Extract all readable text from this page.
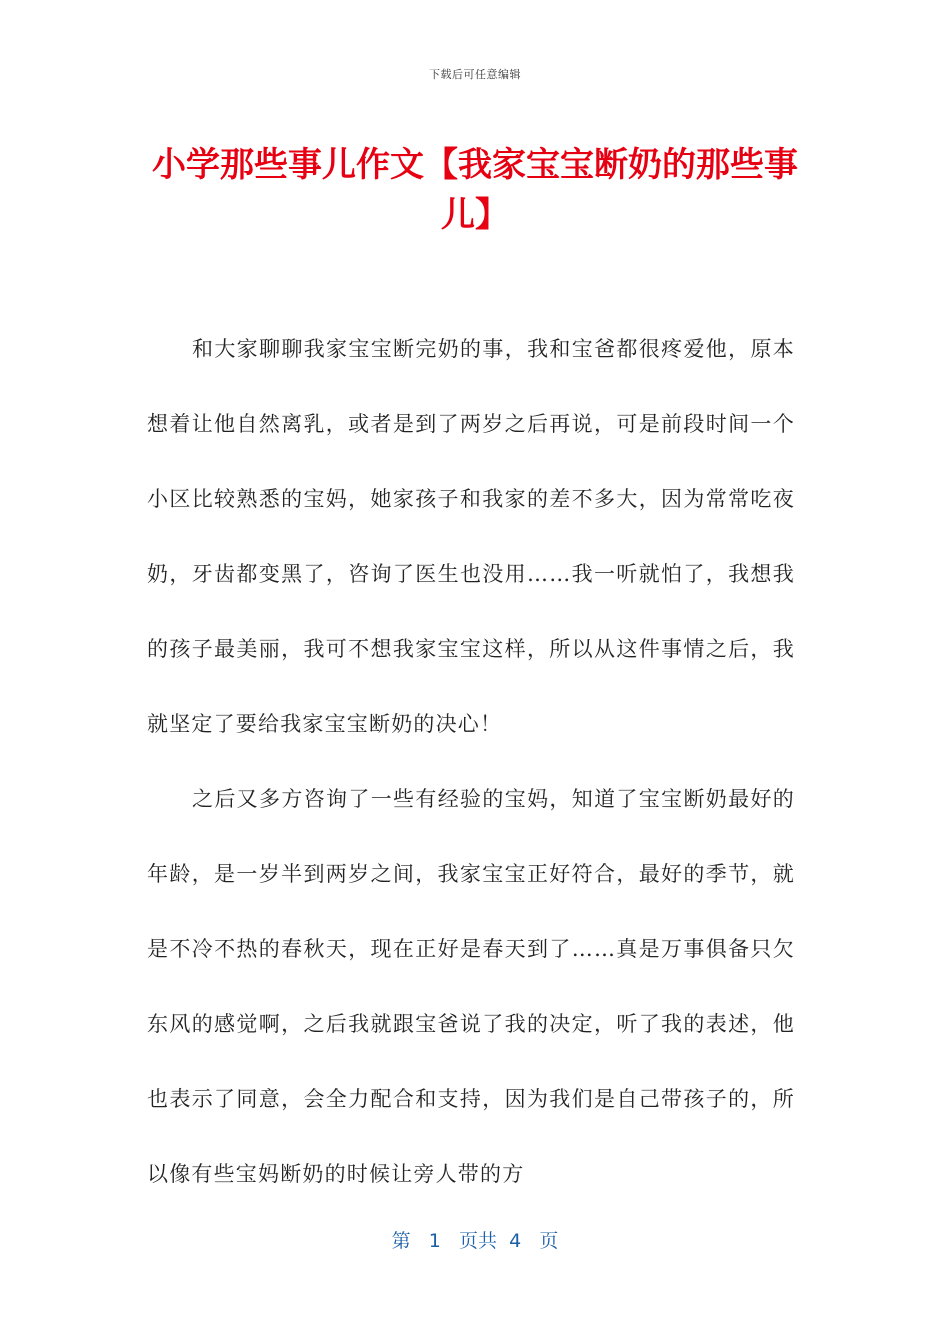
下载后可任意编辑
小学那些事儿作文【我家宝宝断奶的那些事儿】

和大家聊聊我家宝宝断完奶的事，我和宝爸都很疼爱他，原本想着让他自然离乳，或者是到了两岁之后再说，可是前段时间一个小区比较熟悉的宝妈，她家孩子和我家的差不多大，因为常常吃夜奶，牙齿都变黑了，咨询了医生也没用……我一听就怕了，我想我的孩子最美丽，我可不想我家宝宝这样，所以从这件事情之后，我就坚定了要给我家宝宝断奶的决心！

之后又多方咨询了一些有经验的宝妈，知道了宝宝断奶最好的年龄，是一岁半到两岁之间，我家宝宝正好符合，最好的季节，就是不冷不热的春秋天，现在正好是春天到了……真是万事俱备只欠东风的感觉啊，之后我就跟宝爸说了我的决定，听了我的表述，他也表示了同意，会全力配合和支持，因为我们是自己带孩子的，所以像有些宝妈断奶的时候让旁人带的方

第 1 页共 4 页
